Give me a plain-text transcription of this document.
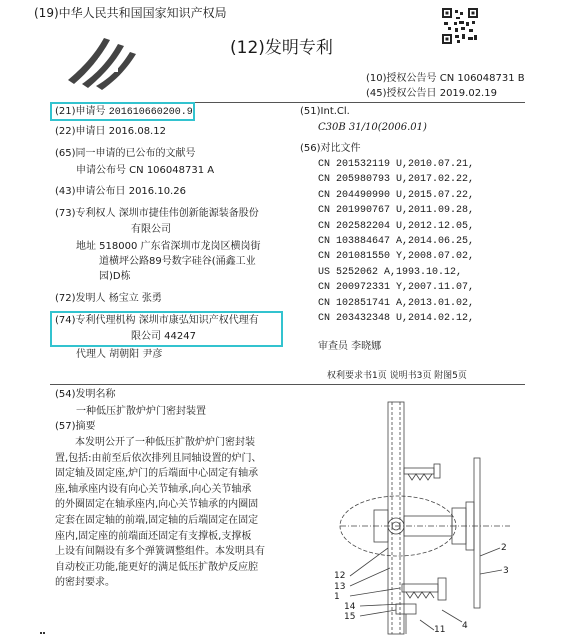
(19)中华人民共和国国家知识产权局
(12)发明专利
(10)授权公告号 CN 106048731 B
(45)授权公告日 2019.02.19
(21)申请号 201610660200.9
(22)申请日 2016.08.12
(65)同一申请的已公布的文献号
申请公布号 CN 106048731 A
(43)申请公布日 2016.10.26
(73)专利权人 深圳市捷佳伟创新能源装备股份
有限公司
地址 518000 广东省深圳市龙岗区横岗街
道横坪公路89号数字硅谷(涌鑫工业
园)D栋
(72)发明人 杨宝立 张勇
(74)专利代理机构 深圳市康弘知识产权代理有
限公司 44247
代理人 胡朝阳 尹彦
(51)Int.Cl.
C30B 31/10(2006.01)
(56)对比文件
CN 201532119 U,2010.07.21,
CN 205980793 U,2017.02.22,
CN 204490990 U,2015.07.22,
CN 201990767 U,2011.09.28,
CN 202582204 U,2012.12.05,
CN 103884647 A,2014.06.25,
CN 201081550 Y,2008.07.02,
US 5252062 A,1993.10.12,
CN 200972331 Y,2007.11.07,
CN 102851741 A,2013.01.02,
CN 203432348 U,2014.02.12,
审查员 李晓娜
权利要求书1页 说明书3页 附图5页
(54)发明名称
一种低压扩散炉炉门密封装置
(57)摘要
本发明公开了一种低压扩散炉炉门密封装
置,包括:由前至后依次排列且同轴设置的炉门、
固定轴及固定座,炉门的后端面中心固定有轴承
座,轴承座内设有向心关节轴承,向心关节轴承
的外圈固定在轴承座内,向心关节轴承的内圈固
定套在固定轴的前端,固定轴的后端固定在固定
座内,固定座的前端面还固定有支撑板,支撑板
上设有间隔设有多个弹簧调整组件。本发明具有
自动校正功能,能更好的满足低压扩散炉反应腔
的密封要求。
12
13
1
14
15
2
3
4
11
